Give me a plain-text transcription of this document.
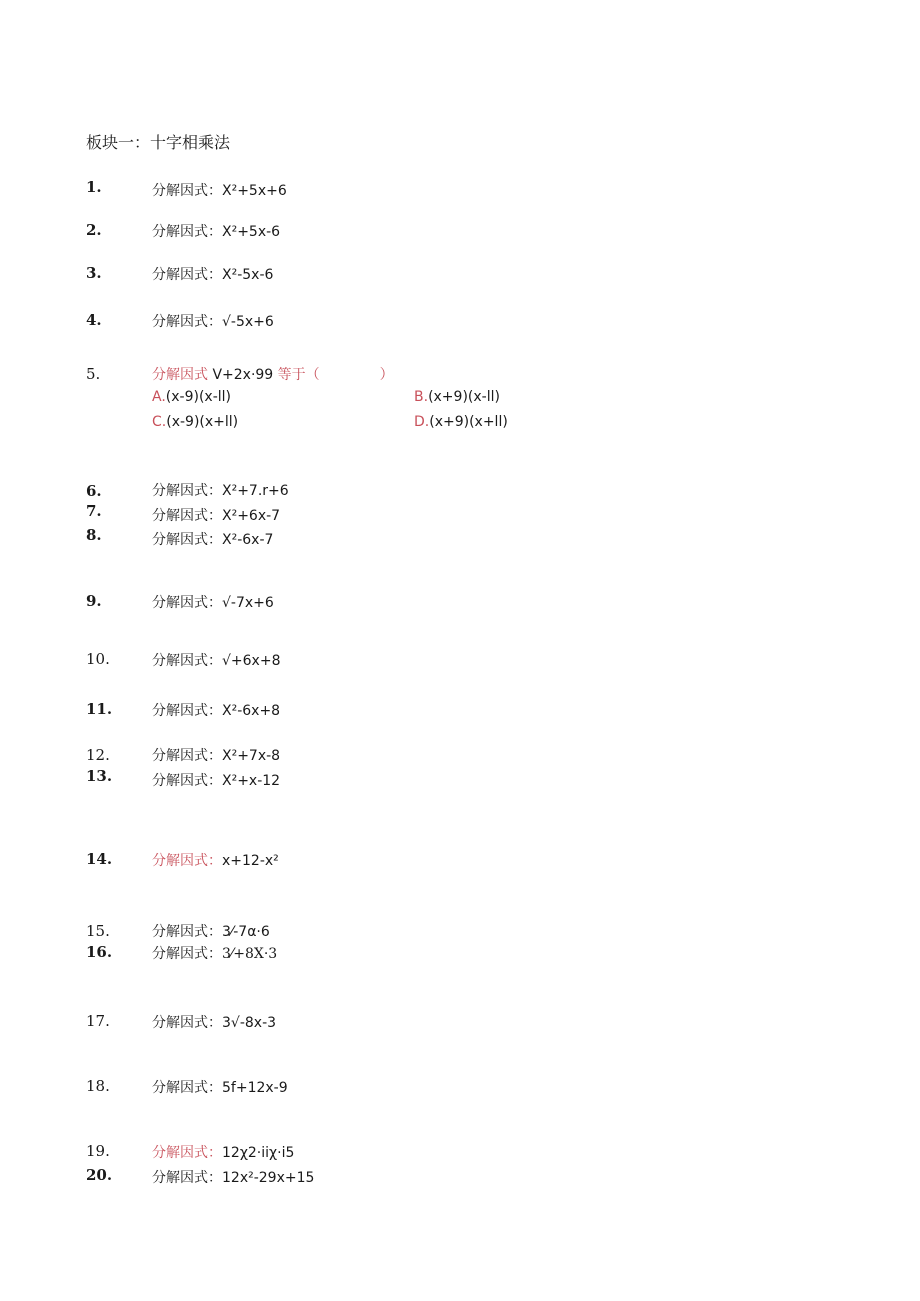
板块一：十字相乘法
1.	分解因式：X²+5x+6
2.	分解因式：X²+5x-6
3.	分解因式：X²-5x-6
4.	分解因式：√-5x+6
5.	分解因式 V+2x·99 等于（	）
A.(x-9)(x-ll)	B.(x+9)(x-ll)
C.(x-9)(x+ll)	D.(x+9)(x+ll)
6.	分解因式：X²+7.r+6
7.	分解因式：X²+6x-7
8.	分解因式：X²-6x-7
9.	分解因式：√-7x+6
10.	分解因式：√+6x+8
11.	分解因式：X²-6x+8
12.	分解因式：X²+7x-8
13.	分解因式：X²+x-12
14.	分解因式：x+12-x²
15.	分解因式：3⁄-7α·6
16.	分解因式：3⁄+8X·3
17.	分解因式：3√-8x-3
18.	分解因式：5f+12x-9
19.	分解因式：12χ2·iiχ·i5
20.	分解因式：12x²-29x+15
